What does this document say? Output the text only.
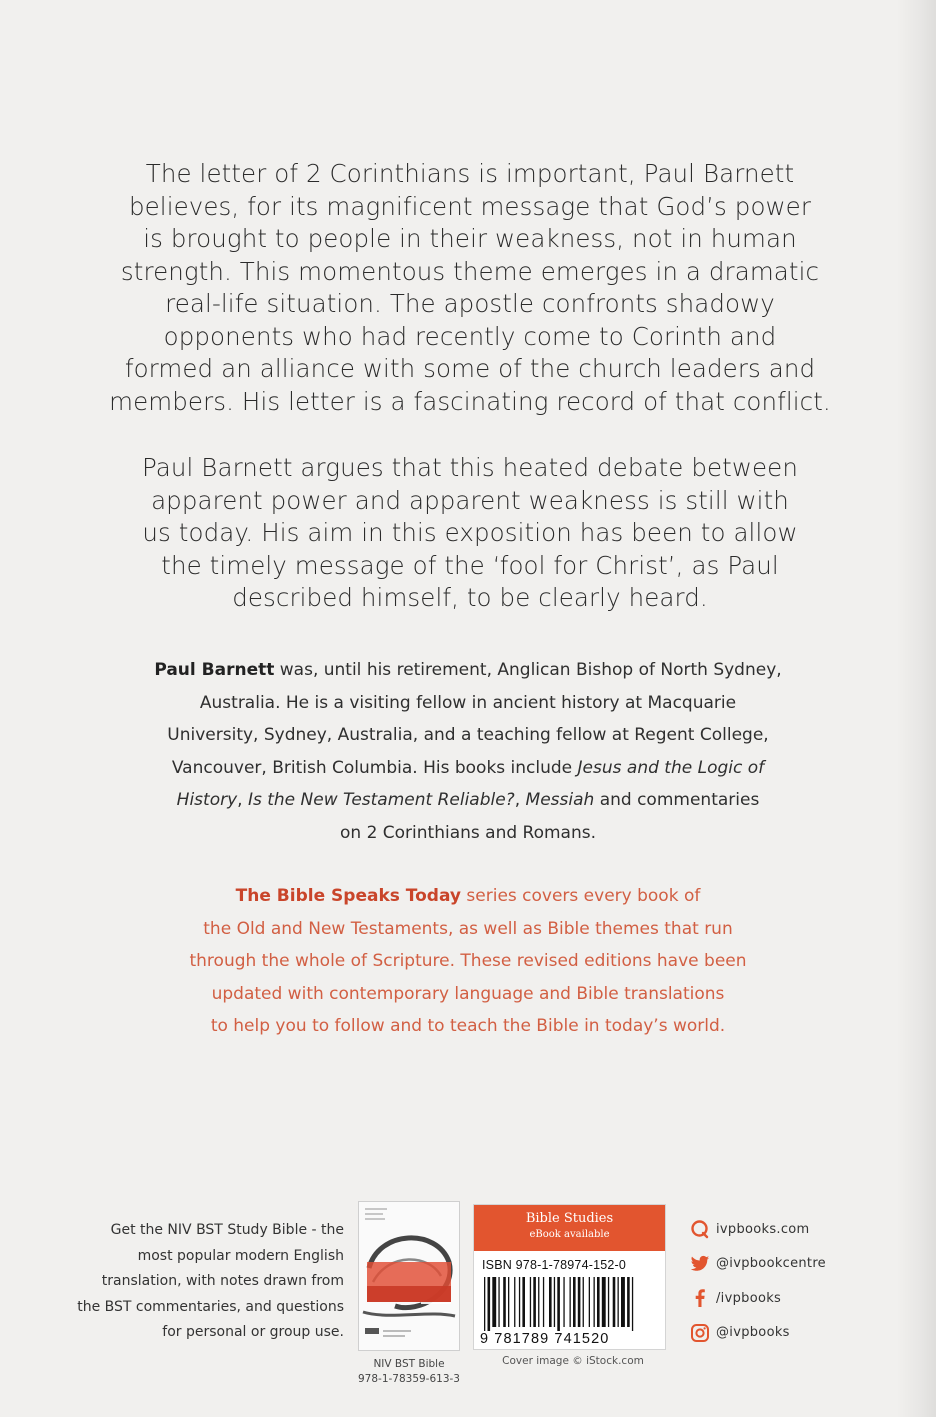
The letter of 2 Corinthians is important, Paul Barnett
believes, for its magnificent message that God’s power
is brought to people in their weakness, not in human
strength. This momentous theme emerges in a dramatic
real-life situation. The apostle confronts shadowy
opponents who had recently come to Corinth and
formed an alliance with some of the church leaders and
members. His letter is a fascinating record of that conflict.

Paul Barnett argues that this heated debate between
apparent power and apparent weakness is still with
us today. His aim in this exposition has been to allow
the timely message of the ‘fool for Christ’, as Paul
described himself, to be clearly heard.

Paul Barnett was, until his retirement, Anglican Bishop of North Sydney,
Australia. He is a visiting fellow in ancient history at Macquarie
University, Sydney, Australia, and a teaching fellow at Regent College,
Vancouver, British Columbia. His books include Jesus and the Logic of
History, Is the New Testament Reliable?, Messiah and commentaries
on 2 Corinthians and Romans.

The Bible Speaks Today series covers every book of
the Old and New Testaments, as well as Bible themes that run
through the whole of Scripture. These revised editions have been
updated with contemporary language and Bible translations
to help you to follow and to teach the Bible in today’s world.

Get the NIV BST Study Bible - the
most popular modern English
translation, with notes drawn from
the BST commentaries, and questions
for personal or group use.

NIV BST Bible
978-1-78359-613-3
Bible Studies
eBook available
ISBN 978-1-78974-152-0
9 781789 741520
Cover image © iStock.com
ivpbooks.com
@ivpbookcentre
/ivpbooks
@ivpbooks
